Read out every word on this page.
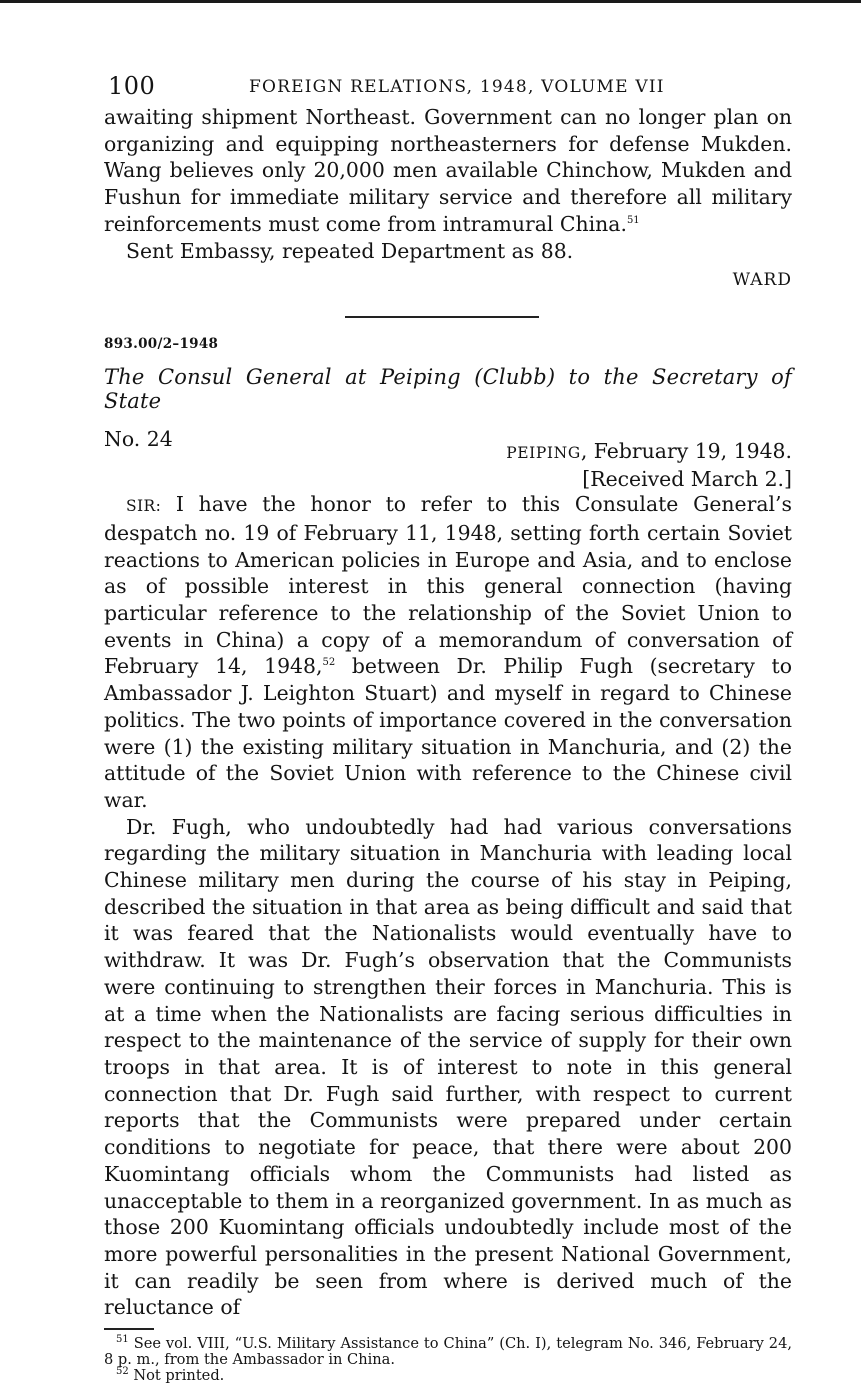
100	FOREIGN RELATIONS, 1948, VOLUME VII

awaiting shipment Northeast. Government can no longer plan on organizing and equipping northeasterners for defense Mukden. Wang believes only 20,000 men available Chinchow, Mukden and Fushun for immediate military service and therefore all military reinforcements must come from intramural China.$^{51}$

Sent Embassy, repeated Department as 88.

WARD
893.00/2–1948
The Consul General at Peiping (Clubb) to the Secretary of State
No. 24
PEIPING, February 19, 1948.
[Received March 2.]

SIR: I have the honor to refer to this Consulate General’s despatch no. 19 of February 11, 1948, setting forth certain Soviet reactions to American policies in Europe and Asia, and to enclose as of possible interest in this general connection (having particular reference to the relationship of the Soviet Union to events in China) a copy of a memorandum of conversation of February 14, 1948,52 between Dr. Philip Fugh (secretary to Ambassador J. Leighton Stuart) and myself in regard to Chinese politics. The two points of importance covered in the conversation were (1) the existing military situation in Manchuria, and (2) the attitude of the Soviet Union with reference to the Chinese civil war.

Dr. Fugh, who undoubtedly had had various conversations regarding the military situation in Manchuria with leading local Chinese military men during the course of his stay in Peiping, described the situation in that area as being difficult and said that it was feared that the Nationalists would eventually have to withdraw. It was Dr. Fugh’s observation that the Communists were continuing to strengthen their forces in Manchuria. This is at a time when the Nationalists are facing serious difficulties in respect to the maintenance of the service of supply for their own troops in that area. It is of interest to note in this general connection that Dr. Fugh said further, with respect to current reports that the Communists were prepared under certain conditions to negotiate for peace, that there were about 200 Kuomintang officials whom the Communists had listed as unacceptable to them in a reorganized government. In as much as those 200 Kuomintang officials undoubtedly include most of the more powerful personalities in the present National Government, it can readily be seen from where is derived much of the reluctance of

$^{51}$ See vol. VIII, “U.S. Military Assistance to China” (Ch. I), telegram No. 346, February 24, 8 p. m., from the Ambassador in China.

$^{52}$ Not printed.
